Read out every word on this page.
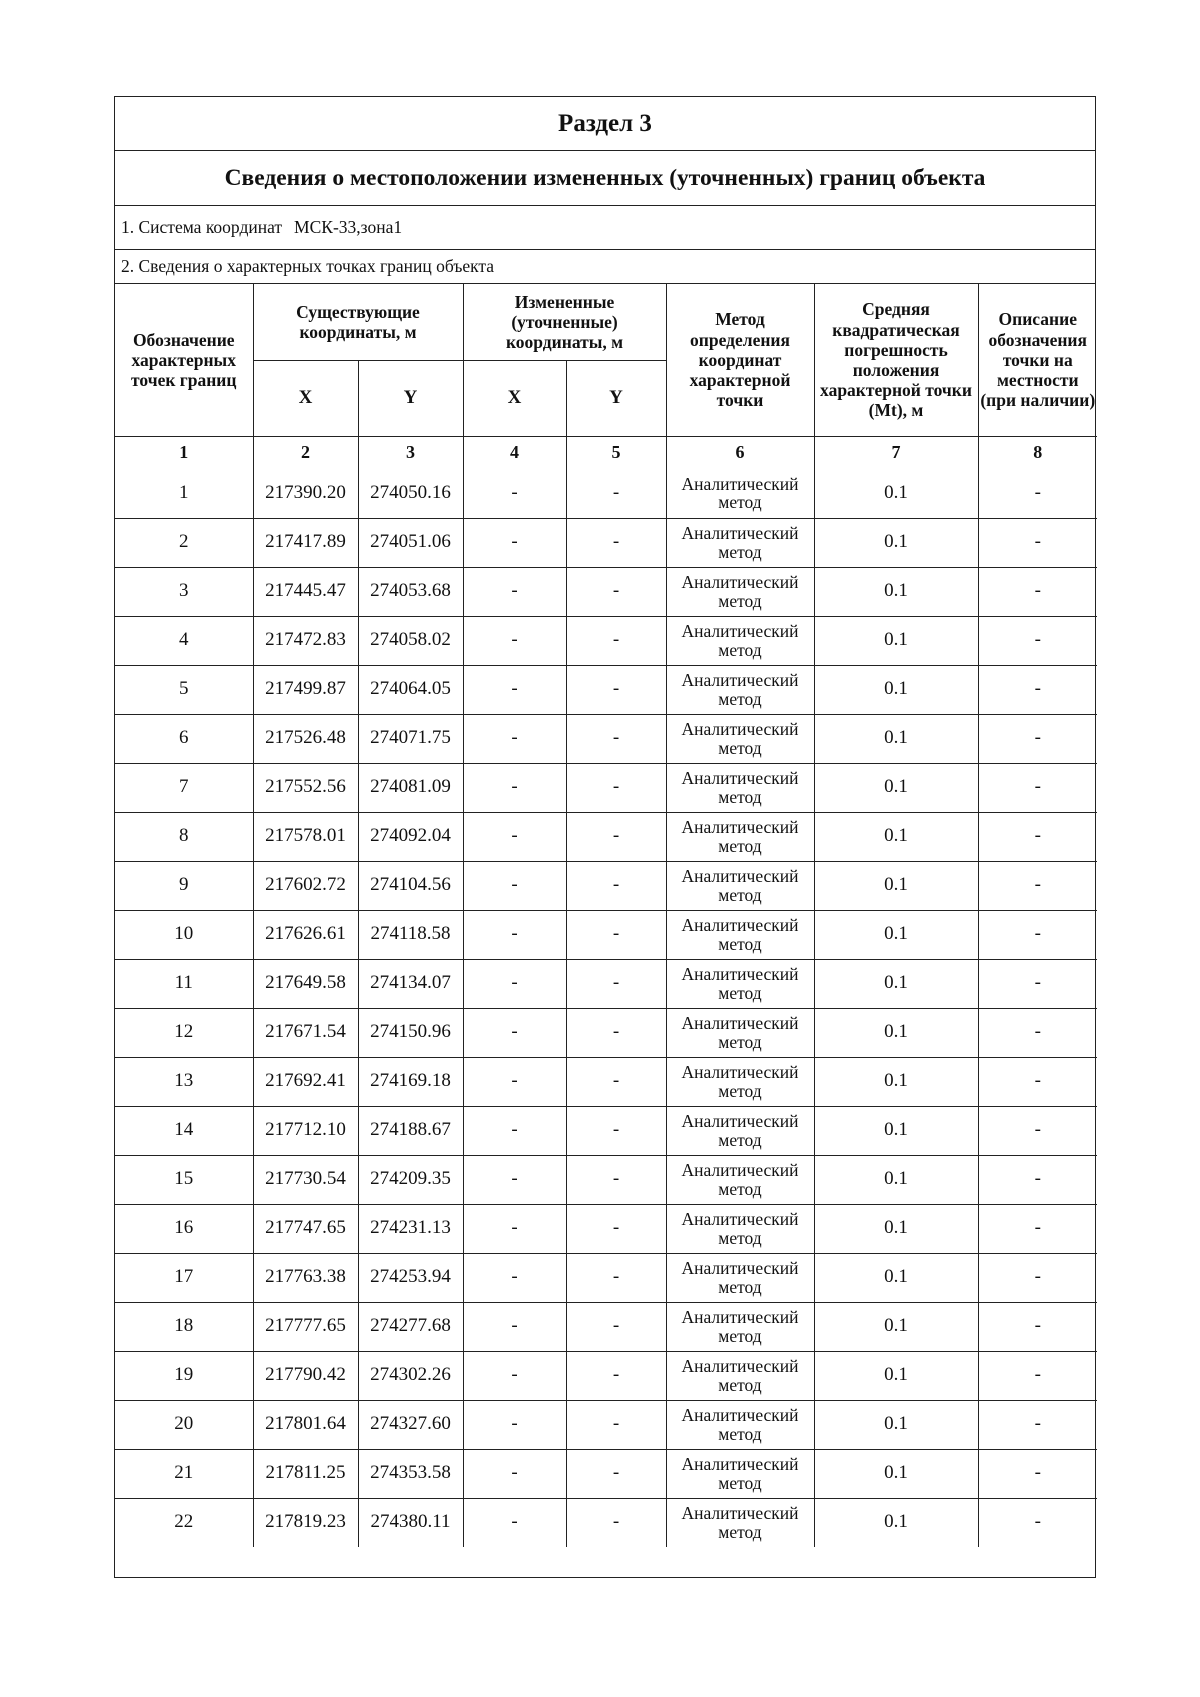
Раздел 3
Сведения о местоположении измененных (уточненных) границ объекта
1. Система координат МСК-33,зона1
2. Сведения о характерных точках границ объекта
Обозначение характерных точек границ	Существующие координаты, м		Измененные (уточненные) координаты, м		Метод определения координат характерной точки	Средняя квадратическая погрешность положения характерной точки (Mt), м	Описание обозначения точки на местности (при наличии)
	X	Y	X	Y			
1	2	3	4	5	6	7	8
1	217390.20	274050.16	-	-	Аналитический метод	0.1	-
2	217417.89	274051.06	-	-	Аналитический метод	0.1	-
3	217445.47	274053.68	-	-	Аналитический метод	0.1	-
4	217472.83	274058.02	-	-	Аналитический метод	0.1	-
5	217499.87	274064.05	-	-	Аналитический метод	0.1	-
6	217526.48	274071.75	-	-	Аналитический метод	0.1	-
7	217552.56	274081.09	-	-	Аналитический метод	0.1	-
8	217578.01	274092.04	-	-	Аналитический метод	0.1	-
9	217602.72	274104.56	-	-	Аналитический метод	0.1	-
10	217626.61	274118.58	-	-	Аналитический метод	0.1	-
11	217649.58	274134.07	-	-	Аналитический метод	0.1	-
12	217671.54	274150.96	-	-	Аналитический метод	0.1	-
13	217692.41	274169.18	-	-	Аналитический метод	0.1	-
14	217712.10	274188.67	-	-	Аналитический метод	0.1	-
15	217730.54	274209.35	-	-	Аналитический метод	0.1	-
16	217747.65	274231.13	-	-	Аналитический метод	0.1	-
17	217763.38	274253.94	-	-	Аналитический метод	0.1	-
18	217777.65	274277.68	-	-	Аналитический метод	0.1	-
19	217790.42	274302.26	-	-	Аналитический метод	0.1	-
20	217801.64	274327.60	-	-	Аналитический метод	0.1	-
21	217811.25	274353.58	-	-	Аналитический метод	0.1	-
22	217819.23	274380.11	-	-	Аналитический метод	0.1	-
